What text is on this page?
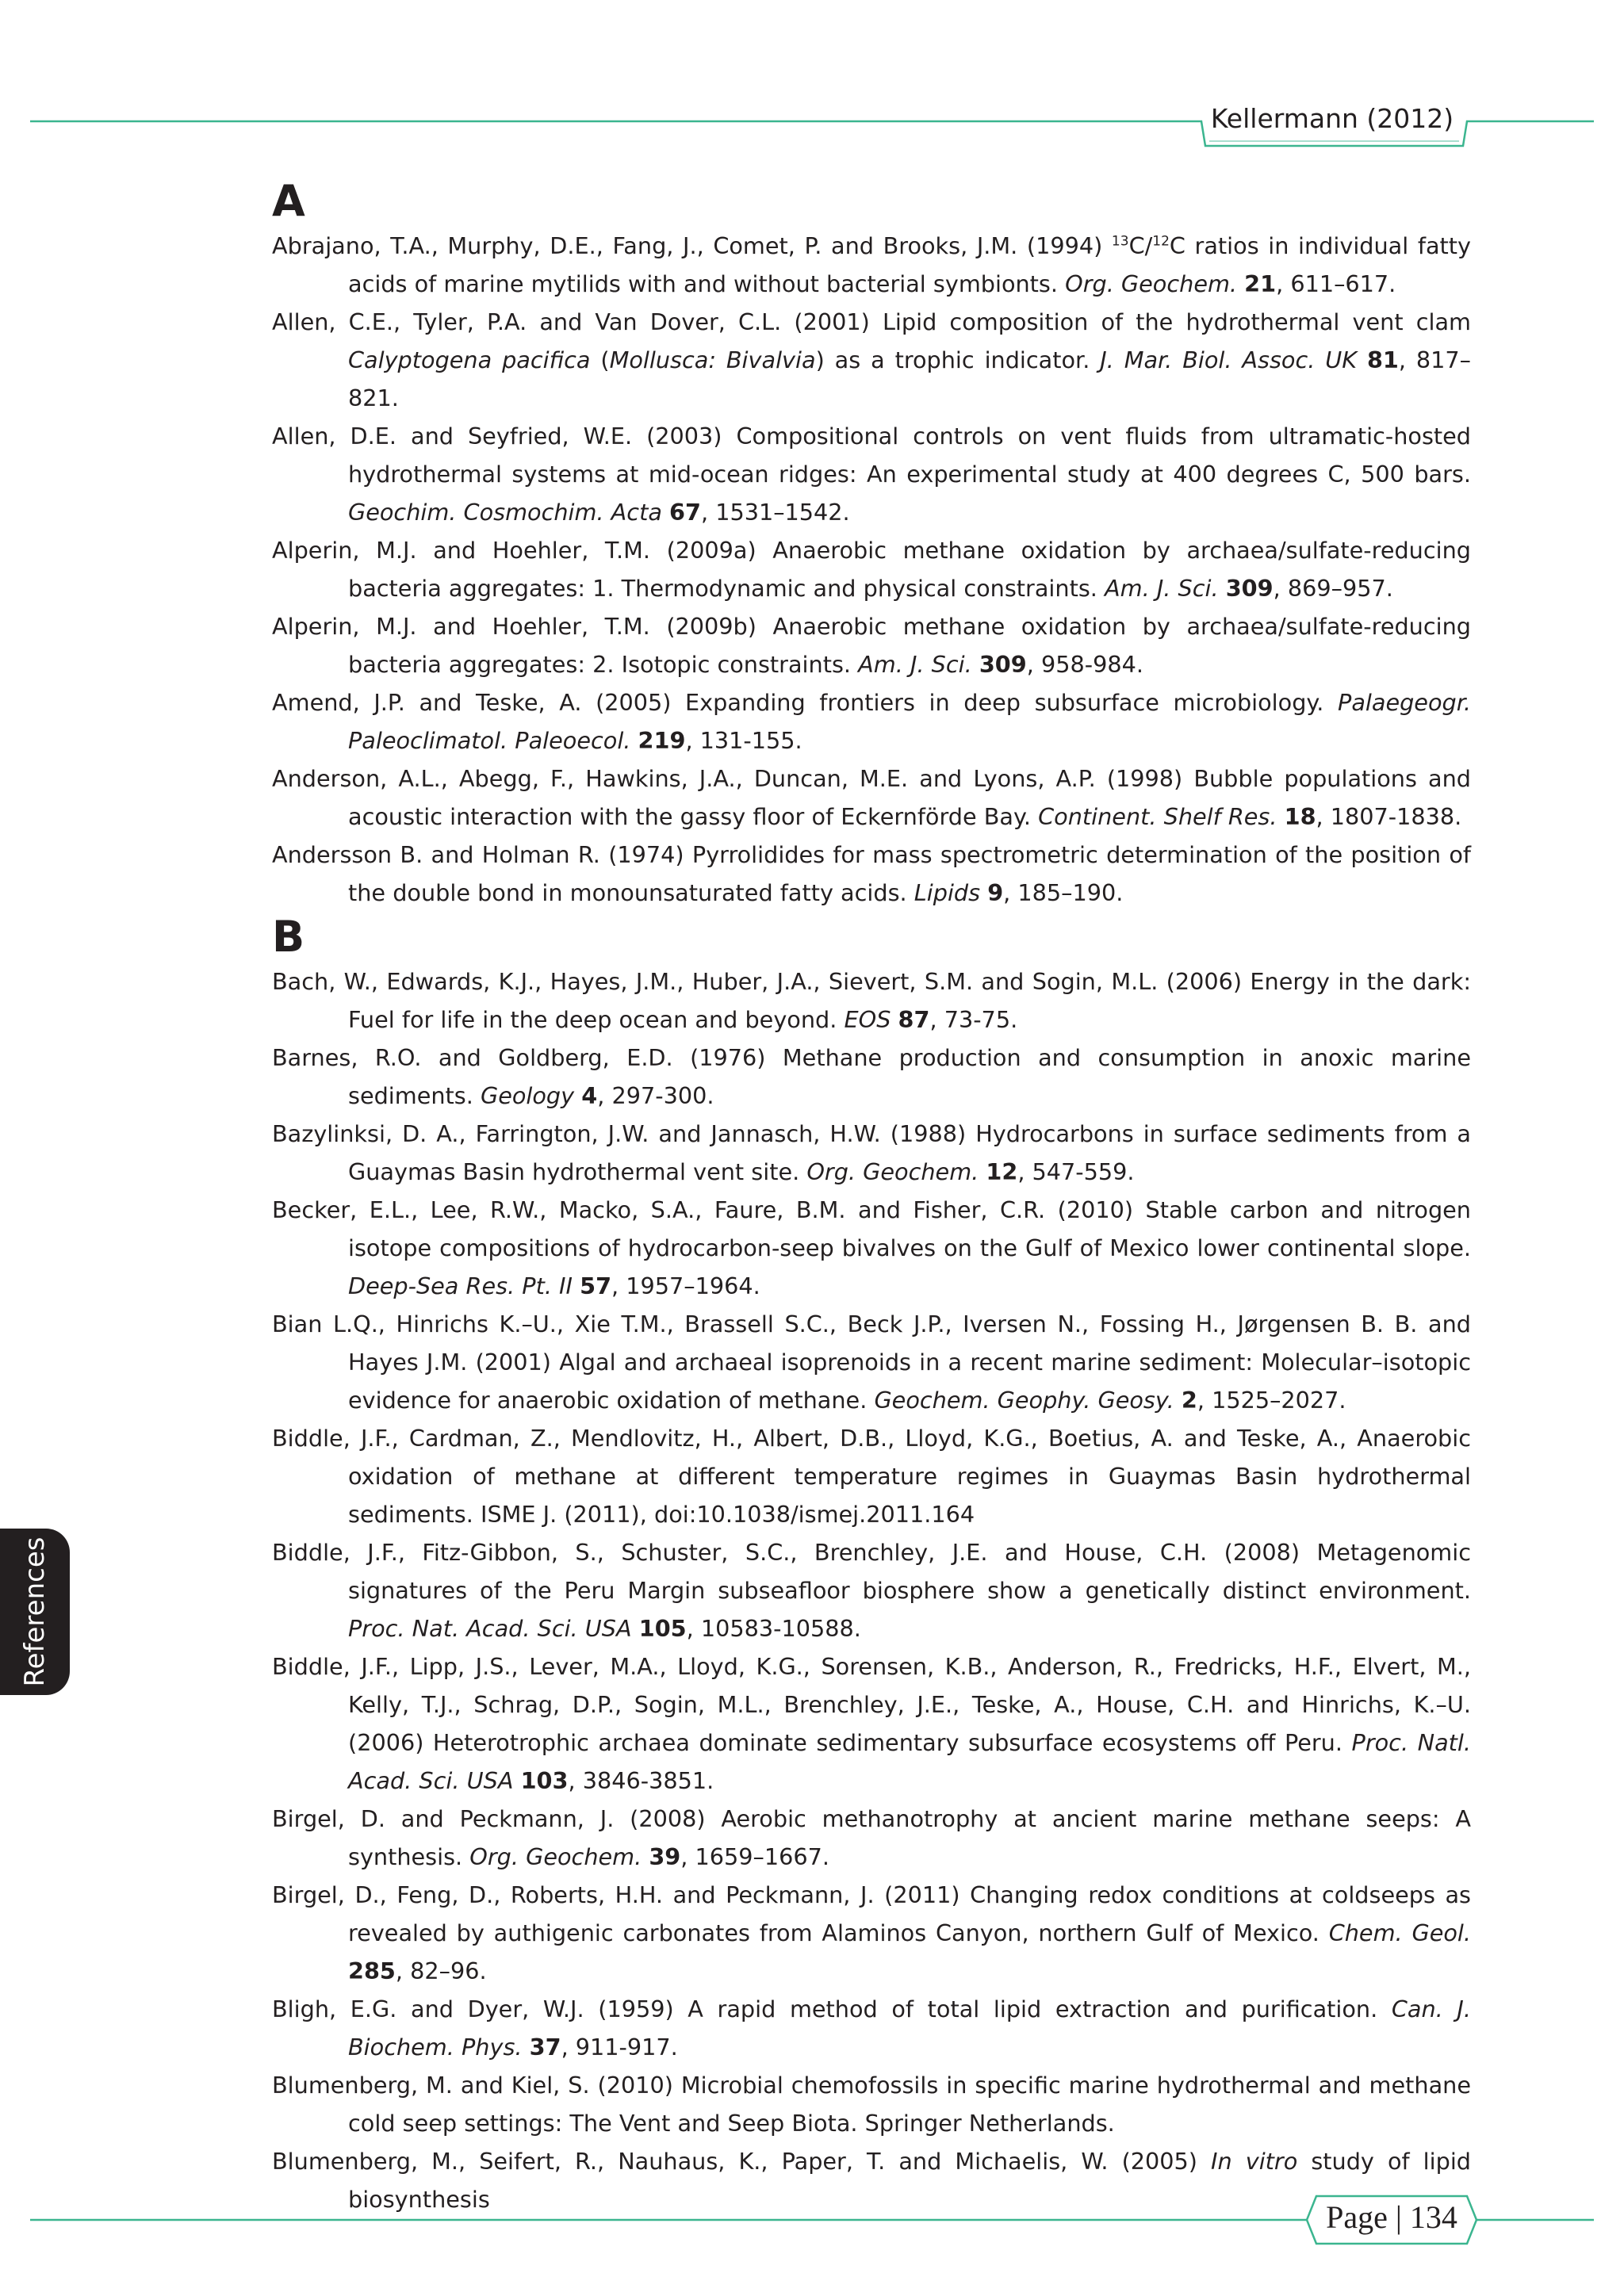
Kellermann (2012)
References
A

Abrajano, T.A., Murphy, D.E., Fang, J., Comet, P. and Brooks, J.M. (1994) $^{13}$C/$^{12}$C ratios in individual fatty acids of marine mytilids with and without bacterial symbionts. Org. Geochem. 21, 611–617.

Allen, C.E., Tyler, P.A. and Van Dover, C.L. (2001) Lipid composition of the hydrothermal vent clam Calyptogena pacifica (Mollusca: Bivalvia) as a trophic indicator. J. Mar. Biol. Assoc. UK 81, 817–821.

Allen, D.E. and Seyfried, W.E. (2003) Compositional controls on vent fluids from ultramatic-hosted hydrothermal systems at mid-ocean ridges: An experimental study at 400 degrees C, 500 bars. Geochim. Cosmochim. Acta 67, 1531–1542.

Alperin, M.J. and Hoehler, T.M. (2009a) Anaerobic methane oxidation by archaea/sulfate-reducing bacteria aggregates: 1. Thermodynamic and physical constraints. Am. J. Sci. 309, 869–957.

Alperin, M.J. and Hoehler, T.M. (2009b) Anaerobic methane oxidation by archaea/sulfate-reducing bacteria aggregates: 2. Isotopic constraints. Am. J. Sci. 309, 958-984.

Amend, J.P. and Teske, A. (2005) Expanding frontiers in deep subsurface microbiology. Palaegeogr. Paleoclimatol. Paleoecol. 219, 131-155.

Anderson, A.L., Abegg, F., Hawkins, J.A., Duncan, M.E. and Lyons, A.P. (1998) Bubble populations and acoustic interaction with the gassy floor of Eckernförde Bay. Continent. Shelf Res. 18, 1807-1838.

Andersson B. and Holman R. (1974) Pyrrolidides for mass spectrometric determination of the position of the double bond in monounsaturated fatty acids. Lipids 9, 185–190.

B

Bach, W., Edwards, K.J., Hayes, J.M., Huber, J.A., Sievert, S.M. and Sogin, M.L. (2006) Energy in the dark: Fuel for life in the deep ocean and beyond. EOS 87, 73-75.

Barnes, R.O. and Goldberg, E.D. (1976) Methane production and consumption in anoxic marine sediments. Geology 4, 297-300.

Bazylinksi, D. A., Farrington, J.W. and Jannasch, H.W. (1988) Hydrocarbons in surface sediments from a Guaymas Basin hydrothermal vent site. Org. Geochem. 12, 547-559.

Becker, E.L., Lee, R.W., Macko, S.A., Faure, B.M. and Fisher, C.R. (2010) Stable carbon and nitrogen isotope compositions of hydrocarbon-seep bivalves on the Gulf of Mexico lower continental slope. Deep-Sea Res. Pt. II 57, 1957–1964.

Bian L.Q., Hinrichs K.–U., Xie T.M., Brassell S.C., Beck J.P., Iversen N., Fossing H., Jørgensen B. B. and Hayes J.M. (2001) Algal and archaeal isoprenoids in a recent marine sediment: Molecular–isotopic evidence for anaerobic oxidation of methane. Geochem. Geophy. Geosy. 2, 1525–2027.

Biddle, J.F., Cardman, Z., Mendlovitz, H., Albert, D.B., Lloyd, K.G., Boetius, A. and Teske, A., Anaerobic oxidation of methane at different temperature regimes in Guaymas Basin hydrothermal sediments. ISME J. (2011), doi:10.1038/ismej.2011.164

Biddle, J.F., Fitz-Gibbon, S., Schuster, S.C., Brenchley, J.E. and House, C.H. (2008) Metagenomic signatures of the Peru Margin subseafloor biosphere show a genetically distinct environment. Proc. Nat. Acad. Sci. USA 105, 10583-10588.

Biddle, J.F., Lipp, J.S., Lever, M.A., Lloyd, K.G., Sorensen, K.B., Anderson, R., Fredricks, H.F., Elvert, M., Kelly, T.J., Schrag, D.P., Sogin, M.L., Brenchley, J.E., Teske, A., House, C.H. and Hinrichs, K.–U. (2006) Heterotrophic archaea dominate sedimentary subsurface ecosystems off Peru. Proc. Natl. Acad. Sci. USA 103, 3846-3851.

Birgel, D. and Peckmann, J. (2008) Aerobic methanotrophy at ancient marine methane seeps: A synthesis. Org. Geochem. 39, 1659–1667.

Birgel, D., Feng, D., Roberts, H.H. and Peckmann, J. (2011) Changing redox conditions at coldseeps as revealed by authigenic carbonates from Alaminos Canyon, northern Gulf of Mexico. Chem. Geol. 285, 82–96.

Bligh, E.G. and Dyer, W.J. (1959) A rapid method of total lipid extraction and purification. Can. J. Biochem. Phys. 37, 911-917.

Blumenberg, M. and Kiel, S. (2010) Microbial chemofossils in specific marine hydrothermal and methane cold seep settings: The Vent and Seep Biota. Springer Netherlands.

Blumenberg, M., Seifert, R., Nauhaus, K., Paper, T. and Michaelis, W. (2005) In vitro study of lipid biosynthesis	Page | 134
